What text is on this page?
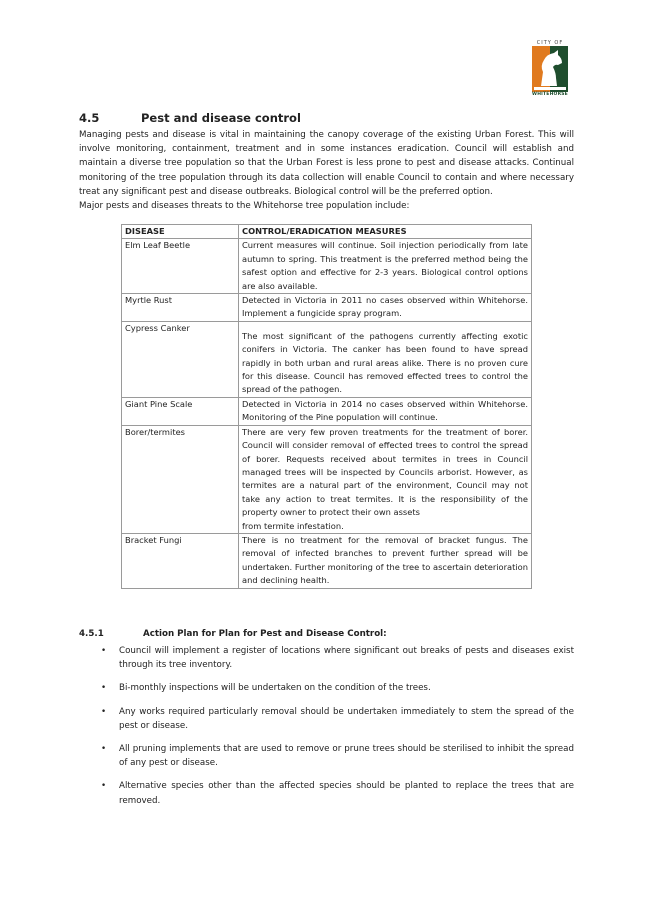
CITY OF
WHITEHORSE
4.5	Pest and disease control

Managing pests and disease is vital in maintaining the canopy coverage of the existing Urban Forest. This will involve monitoring, containment, treatment and in some instances eradication. Council will establish and maintain a diverse tree population so that the Urban Forest is less prone to pest and disease attacks. Continual monitoring of the tree population through its data collection will enable Council to contain and where necessary treat any significant pest and disease outbreaks. Biological control will be the preferred option.

Major pests and diseases threats to the Whitehorse tree population include:

DISEASE	CONTROL/ERADICATION MEASURES
Elm Leaf Beetle	Current measures will continue. Soil injection periodically from late autumn to spring. This treatment is the preferred method being the safest option and effective for 2-3 years. Biological control options are also available.
Myrtle Rust	Detected in Victoria in 2011 no cases observed within Whitehorse. Implement a fungicide spray program.
Cypress Canker	The most significant of the pathogens currently affecting exotic conifers in Victoria. The canker has been found to have spread rapidly in both urban and rural areas alike. There is no proven cure for this disease. Council has removed effected trees to control the spread of the pathogen.
Giant Pine Scale	Detected in Victoria in 2014 no cases observed within Whitehorse. Monitoring of the Pine population will continue.
Borer/termites	There are very few proven treatments for the treatment of borer. Council will consider removal of effected trees to control the spread of borer. Requests received about termites in trees in Council managed trees will be inspected by Councils arborist. However, as termites are a natural part of the environment, Council may not take any action to treat termites. It is the responsibility of the property owner to protect their own assets
from termite infestation.

Bracket Fungi	There is no treatment for the removal of bracket fungus. The removal of infected branches to prevent further spread will be undertaken. Further monitoring of the tree to ascertain deterioration and declining health.
4.5.1	Action Plan for Plan for Pest and Disease Control:
• Council will implement a register of locations where significant out breaks of pests and diseases exist through its tree inventory.
• Bi-monthly inspections will be undertaken on the condition of the trees.
• Any works required particularly removal should be undertaken immediately to stem the spread of the pest or disease.
• All pruning implements that are used to remove or prune trees should be sterilised to inhibit the spread of any pest or disease.
• Alternative species other than the affected species should be planted to replace the trees that are removed.
